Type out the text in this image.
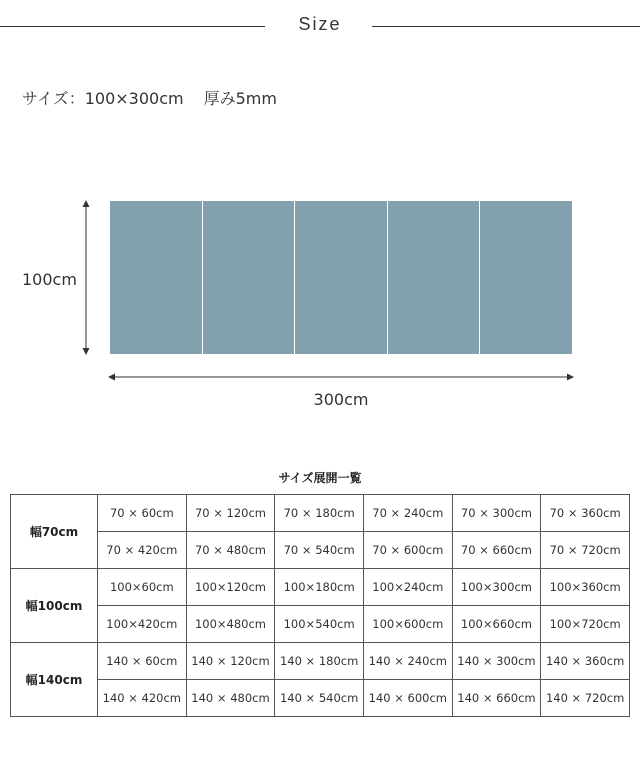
Size
サイズ：100×300cm 厚み5mm
100cm
300cm
サイズ展開一覧
幅70cm	70 × 60cm	70 × 120cm	70 × 180cm	70 × 240cm	70 × 300cm	70 × 360cm
	70 × 420cm	70 × 480cm	70 × 540cm	70 × 600cm	70 × 660cm	70 × 720cm
幅100cm	100×60cm	100×120cm	100×180cm	100×240cm	100×300cm	100×360cm
	100×420cm	100×480cm	100×540cm	100×600cm	100×660cm	100×720cm
幅140cm	140 × 60cm	140 × 120cm	140 × 180cm	140 × 240cm	140 × 300cm	140 × 360cm
	140 × 420cm	140 × 480cm	140 × 540cm	140 × 600cm	140 × 660cm	140 × 720cm
